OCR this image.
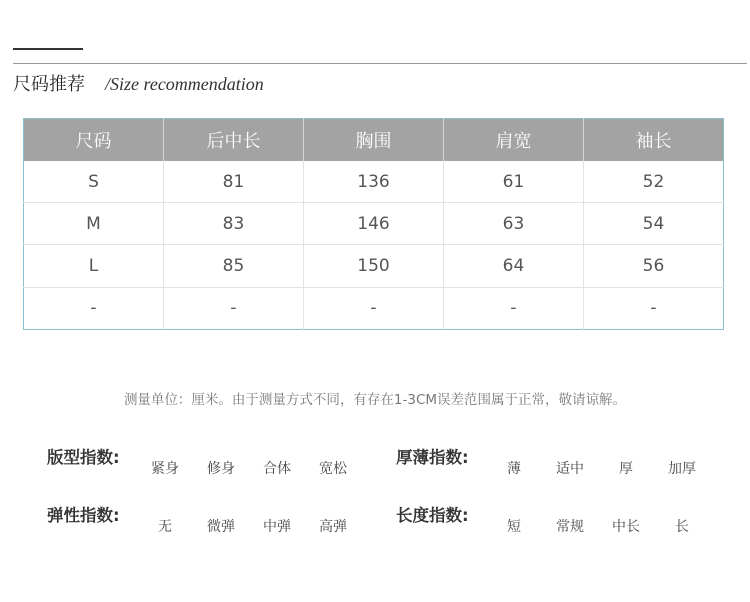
尺码推荐 /Size recommendation
尺码	后中长	胸围	肩宽	袖长
S	81	136	61	52
M	83	146	63	54
L	85	150	64	56
-	-	-	-	-
测量单位：厘米。由于测量方式不同，有存在1-3CM误差范围属于正常，敬请谅解。
版型指数:
紧身	修身	合体	宽松
厚薄指数:
薄	适中	厚	加厚
弹性指数:
无	微弹	中弹	高弹
长度指数:
短	常规	中长	长
